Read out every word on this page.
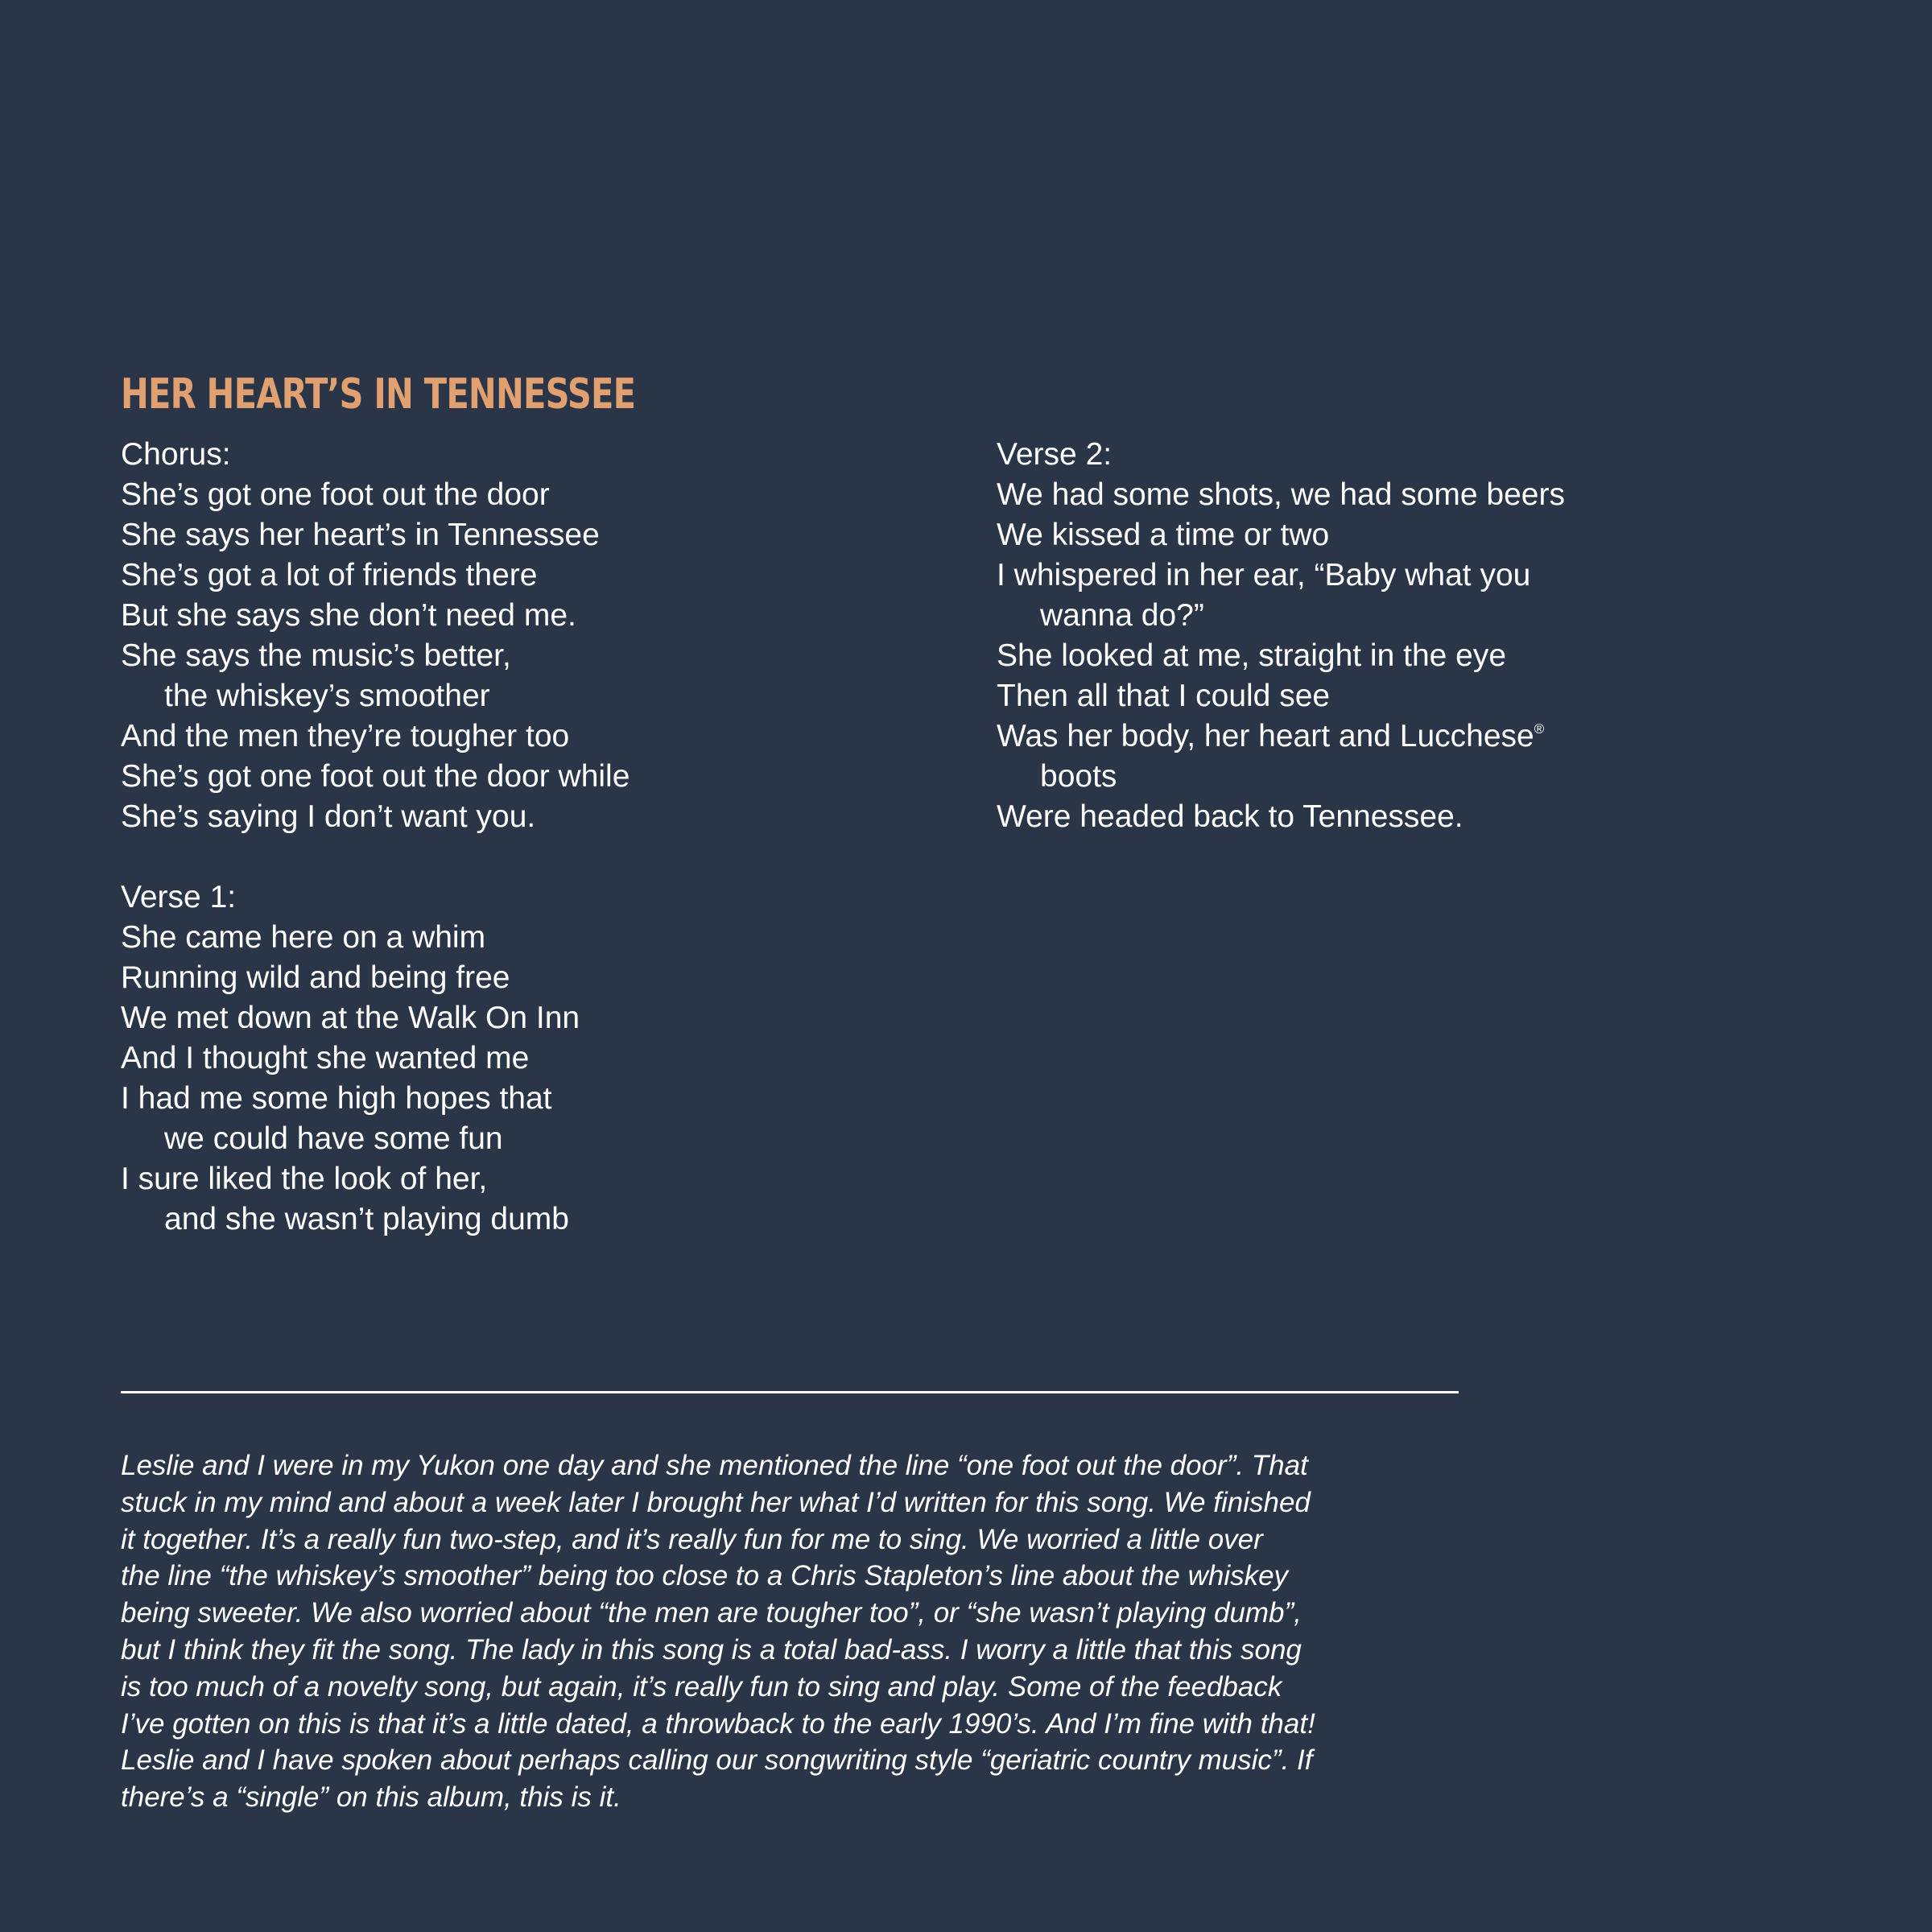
HER HEART’S IN TENNESSEE
Chorus:
She’s got one foot out the door
She says her heart’s in Tennessee
She’s got a lot of friends there
But she says she don’t need me.
She says the music’s better,
the whiskey’s smoother
And the men they’re tougher too
She’s got one foot out the door while
She’s saying I don’t want you.
Verse 1:
She came here on a whim
Running wild and being free
We met down at the Walk On Inn
And I thought she wanted me
I had me some high hopes that
we could have some fun
I sure liked the look of her,
and she wasn’t playing dumb
Verse 2:
We had some shots, we had some beers
We kissed a time or two
I whispered in her ear, “Baby what you
wanna do?”
She looked at me, straight in the eye
Then all that I could see
Was her body, her heart and Lucchese®
boots
Were headed back to Tennessee.

Leslie and I were in my Yukon one day and she mentioned the line “one foot out the door”. That
stuck in my mind and about a week later I brought her what I’d written for this song. We finished
it together. It’s a really fun two-step, and it’s really fun for me to sing. We worried a little over
the line “the whiskey’s smoother” being too close to a Chris Stapleton’s line about the whiskey
being sweeter. We also worried about “the men are tougher too”, or “she wasn’t playing dumb”,
but I think they fit the song. The lady in this song is a total bad-ass. I worry a little that this song
is too much of a novelty song, but again, it’s really fun to sing and play. Some of the feedback
I’ve gotten on this is that it’s a little dated, a throwback to the early 1990’s. And I’m fine with that!
Leslie and I have spoken about perhaps calling our songwriting style “geriatric country music”. If
there’s a “single” on this album, this is it.
